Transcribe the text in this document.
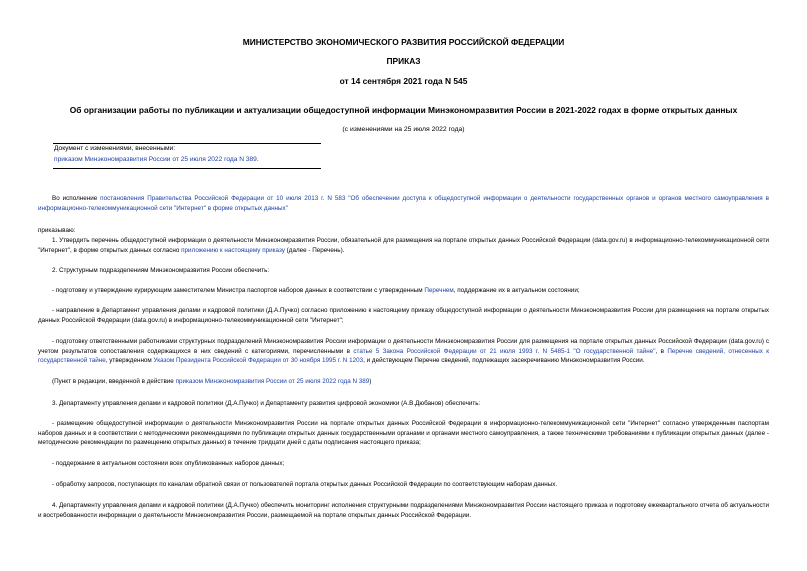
МИНИСТЕРСТВО ЭКОНОМИЧЕСКОГО РАЗВИТИЯ РОССИЙСКОЙ ФЕДЕРАЦИИ
ПРИКАЗ
от 14 сентября 2021 года N 545
Об организации работы по публикации и актуализации общедоступной информации Минэкономразвития России в 2021-2022 годах в форме открытых данных
(с изменениями на 25 июля 2022 года)
Документ с изменениями, внесенными:
приказом Минэкономразвития России от 25 июля 2022 года N 389.

Во исполнение постановления Правительства Российской Федерации от 10 июля 2013 г. N 583 "Об обеспечении доступа к общедоступной информации о деятельности государственных органов и органов местного самоуправления в информационно-телекоммуникационной сети "Интернет" в форме открытых данных"

приказываю:

1. Утвердить перечень общедоступной информации о деятельности Минэкономразвития России, обязательной для размещения на портале открытых данных Российской Федерации (data.gov.ru) в информационно-телекоммуникационной сети "Интернет", в форме открытых данных согласно приложению к настоящему приказу (далее - Перечень).

2. Структурным подразделениям Минэкономразвития России обеспечить:

- подготовку и утверждение курирующим заместителем Министра паспортов наборов данных в соответствии с утвержденным Перечнем, поддержание их в актуальном состоянии;

- направление в Департамент управления делами и кадровой политики (Д.А.Пучко) согласно приложению к настоящему приказу общедоступной информации о деятельности Минэкономразвития России для размещения на портале открытых данных Российской Федерации (data.gov.ru) в информационно-телекоммуникационной сети "Интернет";

- подготовку ответственными работниками структурных подразделений Минэкономразвития России информации о деятельности Минэкономразвития России для размещения на портале открытых данных Российской Федерации (data.gov.ru) с учетом результатов сопоставления содержащихся в них сведений с категориями, перечисленными в статье 5 Закона Российской Федерации от 21 июля 1993 г. N 5485-1 "О государственной тайне", в Перечне сведений, отнесенных к государственной тайне, утвержденном Указом Президента Российской Федерации от 30 ноября 1995 г. N 1203, и действующем Перечне сведений, подлежащих засекречиванию Минэкономразвития России.

(Пункт в редакции, введенной в действие приказом Минэкономразвития России от 25 июля 2022 года N 389)

3. Департаменту управления делами и кадровой политики (Д.А.Пучко) и Департаменту развития цифровой экономики (А.В.Дюбанов) обеспечить:

- размещение общедоступной информации о деятельности Минэкономразвития России на портале открытых данных Российской Федерации в информационно-телекоммуникационной сети "Интернет" согласно утвержденным паспортам наборов данных и в соответствии с методическими рекомендациями по публикации открытых данных государственными органами и органами местного самоуправления, а также техническими требованиями к публикации открытых данных (далее - методические рекомендации по размещению открытых данных) в течение тридцати дней с даты подписания настоящего приказа;

- поддержание в актуальном состоянии всех опубликованных наборов данных;

- обработку запросов, поступающих по каналам обратной связи от пользователей портала открытых данных Российской Федерации по соответствующим наборам данных.

4. Департаменту управления делами и кадровой политики (Д.А.Пучко) обеспечить мониторинг исполнения структурными подразделениями Минэкономразвития России настоящего приказа и подготовку ежеквартального отчета об актуальности и востребованности информации о деятельности Минэкономразвития России, размещаемой на портале открытых данных Российской Федерации.
